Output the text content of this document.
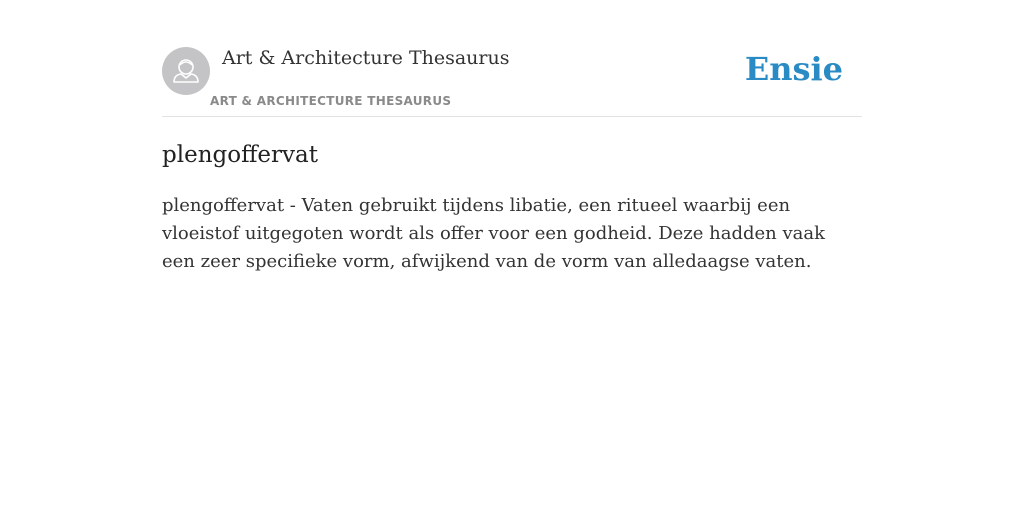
Art & Architecture Thesaurus
ART & ARCHITECTURE THESAURUS
Ensie
plengoffervat

plengoffervat - Vaten gebruikt tijdens libatie, een ritueel waarbij een vloeistof uitgegoten wordt als offer voor een godheid. Deze hadden vaak een zeer specifieke vorm, afwijkend van de vorm van alledaagse vaten.
